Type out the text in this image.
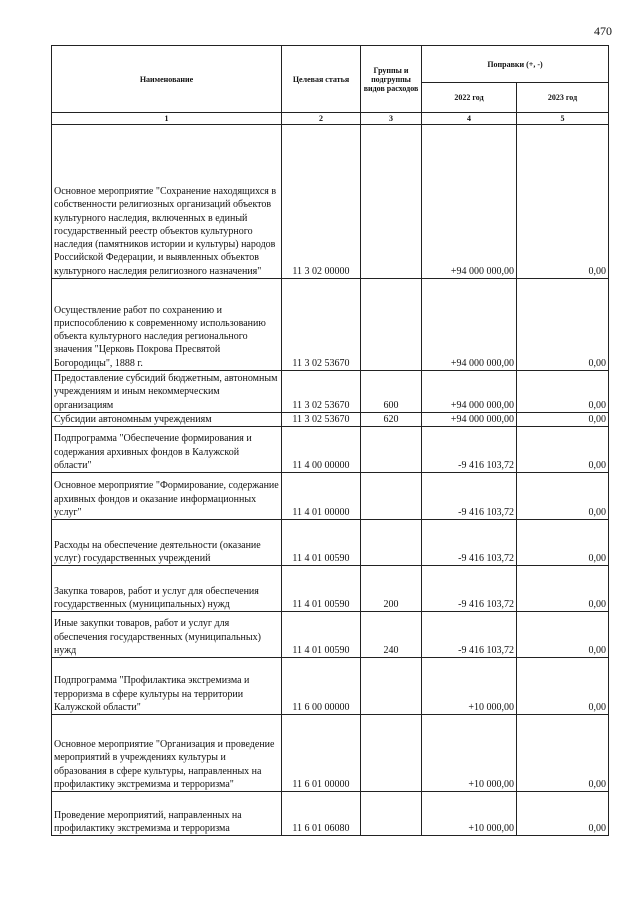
470
Наименование	Целевая статья	Группы и подгруппы видов расходов	Поправки (+, -)	
			2022 год	2023 год
1	2	3	4	5
Основное мероприятие "Сохранение находящихся в собственности религиозных организаций объектов культурного наследия, включенных в единый государственный реестр объектов культурного наследия (памятников истории и культуры) народов Российской Федерации, и выявленных объектов культурного наследия религиозного назначения"	11 3 02 00000		+94 000 000,00	0,00
Осуществление работ по сохранению и приспособлению к современному использованию объекта культурного наследия регионального значения "Церковь Покрова Пресвятой Богородицы", 1888 г.	11 3 02 53670		+94 000 000,00	0,00
Предоставление субсидий бюджетным, автономным учреждениям и иным некоммерческим организациям	11 3 02 53670	600	+94 000 000,00	0,00
Субсидии автономным учреждениям	11 3 02 53670	620	+94 000 000,00	0,00
Подпрограмма "Обеспечение формирования и содержания архивных фондов в Калужской области"	11 4 00 00000		-9 416 103,72	0,00
Основное мероприятие "Формирование, содержание архивных фондов и оказание информационных услуг"	11 4 01 00000		-9 416 103,72	0,00
Расходы на обеспечение деятельности (оказание услуг) государственных учреждений	11 4 01 00590		-9 416 103,72	0,00
Закупка товаров, работ и услуг для обеспечения государственных (муниципальных) нужд	11 4 01 00590	200	-9 416 103,72	0,00
Иные закупки товаров, работ и услуг для обеспечения государственных (муниципальных) нужд	11 4 01 00590	240	-9 416 103,72	0,00
Подпрограмма "Профилактика экстремизма и терроризма в сфере культуры на территории Калужской области"	11 6 00 00000		+10 000,00	0,00
Основное мероприятие "Организация и проведение мероприятий в учреждениях культуры и образования в сфере культуры, направленных на профилактику экстремизма и терроризма"	11 6 01 00000		+10 000,00	0,00
Проведение мероприятий, направленных на профилактику экстремизма и терроризма	11 6 01 06080		+10 000,00	0,00
